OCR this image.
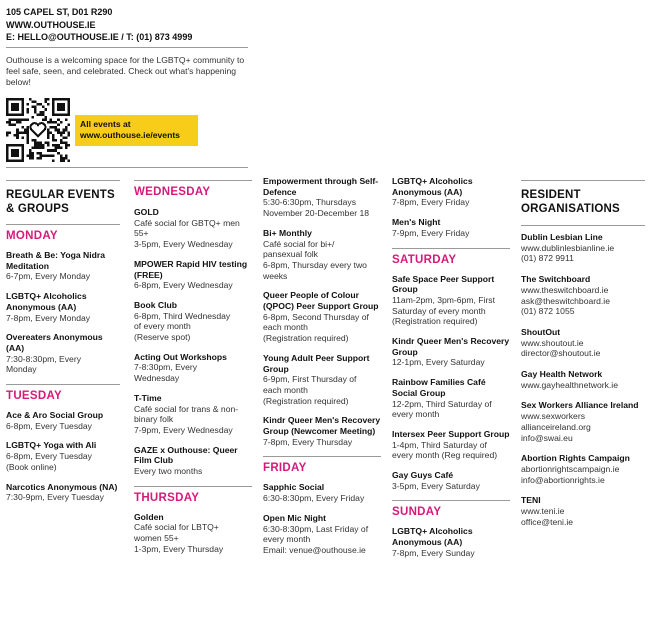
105 CAPEL ST, D01 R290
WWW.OUTHOUSE.IE
E: HELLO@OUTHOUSE.IE / T: (01) 873 4999
Outhouse is a welcoming space for the LGBTQ+ community to feel safe, seen, and celebrated. Check out what's happening below!
All events at
www.outhouse.ie/events
REGULAR EVENTS
& GROUPS
MONDAY
Breath & Be: Yoga Nidra Meditation
6-7pm, Every Monday
LGBTQ+ Alcoholics Anonymous (AA)
7-8pm, Every Monday
Overeaters Anonymous (AA)
7:30-8:30pm, Every
Monday
TUESDAY
Ace & Aro Social Group
6-8pm, Every Tuesday
LGBTQ+ Yoga with Ali
6-8pm, Every Tuesday
(Book online)
Narcotics Anonymous (NA)
7:30-9pm, Every Tuesday
WEDNESDAY
GOLD
Café social for GBTQ+ men
55+
3-5pm, Every Wednesday
MPOWER Rapid HIV testing (FREE)
6-8pm, Every Wednesday
Book Club
6-8pm, Third Wednesday
of every month
(Reserve spot)
Acting Out Workshops
7-8:30pm, Every
Wednesday
T-Time
Café social for trans & non-
binary folk
7-9pm, Every Wednesday
GAZE x Outhouse: Queer Film Club
Every two months
THURSDAY
Golden
Café social for LBTQ+
women 55+
1-3pm, Every Thursday
Empowerment through Self-Defence
5:30-6:30pm, Thursdays
November 20-December 18
Bi+ Monthly
Café social for bi+/
pansexual folk
6-8pm, Thursday every two
weeks
Queer People of Colour (QPOC) Peer Support Group
6-8pm, Second Thursday of
each month
(Registration required)
Young Adult Peer Support Group
6-9pm, First Thursday of
each month
(Registration required)
Kindr Queer Men's Recovery Group (Newcomer Meeting)
7-8pm, Every Thursday
FRIDAY
Sapphic Social
6:30-8:30pm, Every Friday
Open Mic Night
6:30-8:30pm, Last Friday of
every month
Email: venue@outhouse.ie
LGBTQ+ Alcoholics Anonymous (AA)
7-8pm, Every Friday
Men's Night
7-9pm, Every Friday
SATURDAY
Safe Space Peer Support Group
11am-2pm, 3pm-6pm, First
Saturday of every month
(Registration required)
Kindr Queer Men's Recovery Group
12-1pm, Every Saturday
Rainbow Families Café Social Group
12-2pm, Third Saturday of
every month
Intersex Peer Support Group
1-4pm, Third Saturday of
every month (Reg required)
Gay Guys Café
3-5pm, Every Saturday
SUNDAY
LGBTQ+ Alcoholics Anonymous (AA)
7-8pm, Every Sunday
RESIDENT
ORGANISATIONS
Dublin Lesbian Line
www.dublinlesbianline.ie
(01) 872 9911
The Switchboard
www.theswitchboard.ie
ask@theswitchboard.ie
(01) 872 1055
ShoutOut
www.shoutout.ie
director@shoutout.ie
Gay Health Network
www.gayhealthnetwork.ie
Sex Workers Alliance Ireland
www.sexworkers
allianceireland.org
info@swai.eu
Abortion Rights Campaign
abortionrightscampaign.ie
info@abortionrights.ie
TENI
www.teni.ie
office@teni.ie
